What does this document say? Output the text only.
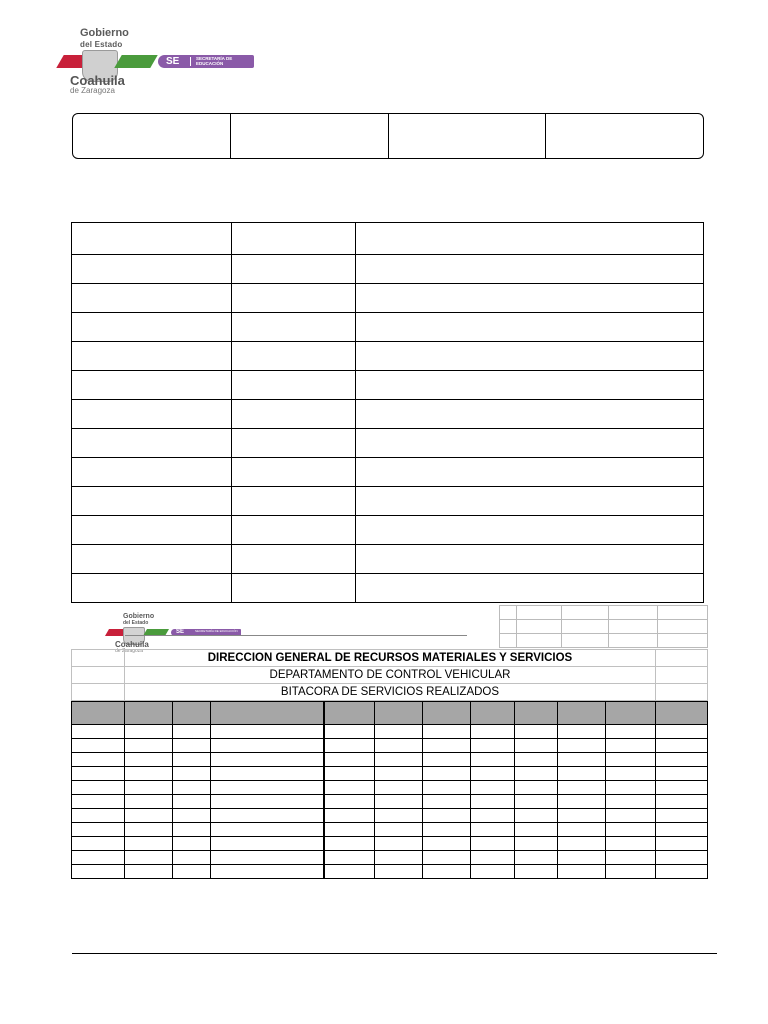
Gobierno
del Estado
SE	SECRETARÍA DE EDUCACIÓN
Coahuila
de Zaragoza

Gobierno
del Estado
SE	SECRETARÍA DE EDUCACIÓN
Coahuila
de Zaragoza

	DIRECCION GENERAL DE RECURSOS MATERIALES Y SERVICIOS	
	DEPARTAMENTO DE CONTROL VEHICULAR	
	BITACORA DE SERVICIOS REALIZADOS	
